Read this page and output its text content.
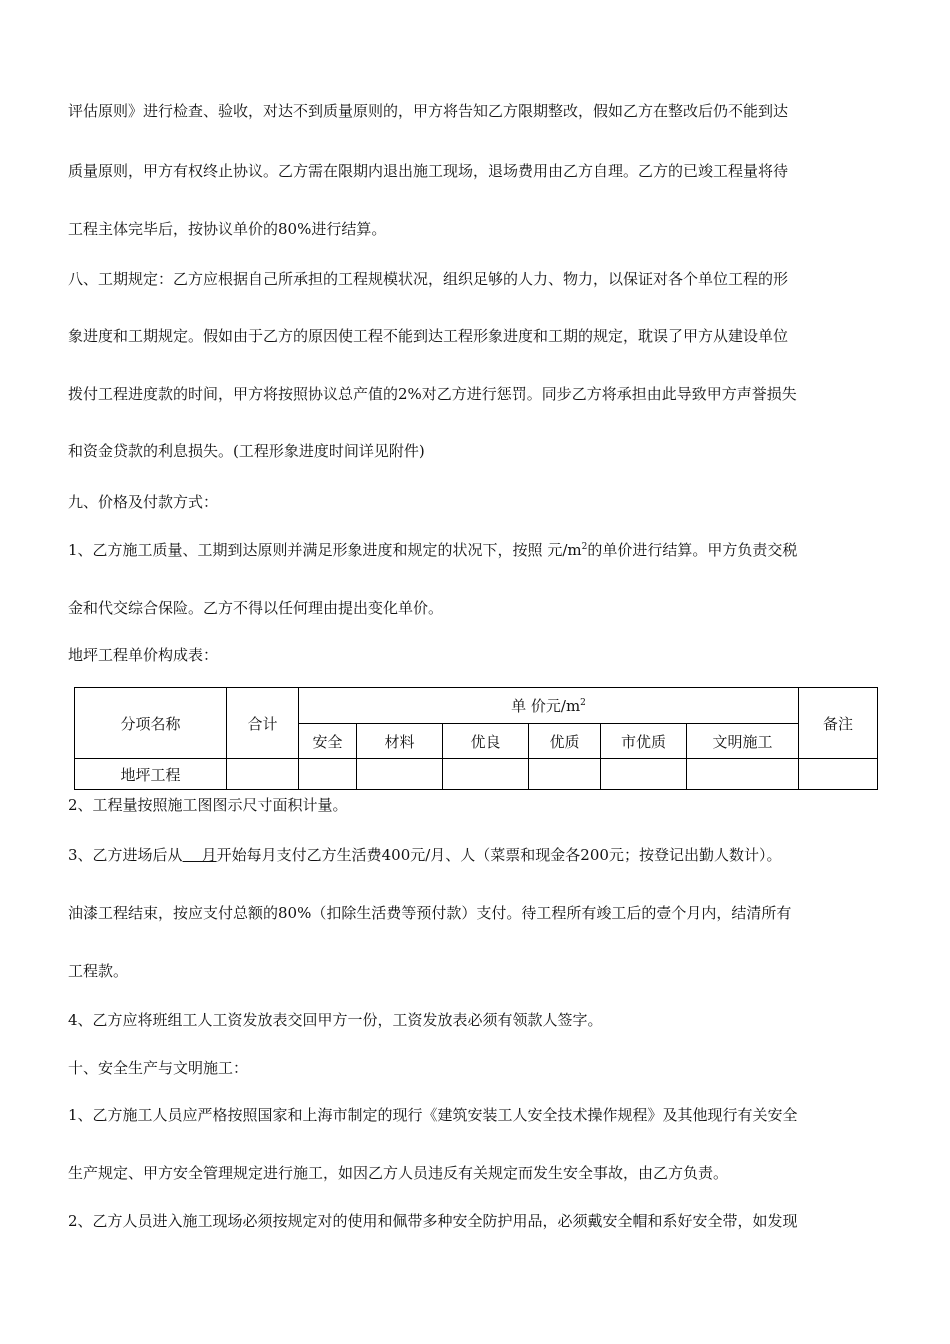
评估原则》进行检查、验收，对达不到质量原则的，甲方将告知乙方限期整改，假如乙方在整改后仍不能到达
质量原则，甲方有权终止协议。乙方需在限期内退出施工现场，退场费用由乙方自理。乙方的已竣工程量将待
工程主体完毕后，按协议单价的80%进行结算。
八、工期规定：乙方应根据自己所承担的工程规模状况，组织足够的人力、物力，以保证对各个单位工程的形
象进度和工期规定。假如由于乙方的原因使工程不能到达工程形象进度和工期的规定，耽误了甲方从建设单位
拨付工程进度款的时间，甲方将按照协议总产值的2%对乙方进行惩罚。同步乙方将承担由此导致甲方声誉损失
和资金贷款的利息损失。(工程形象进度时间详见附件)
九、价格及付款方式：
1、乙方施工质量、工期到达原则并满足形象进度和规定的状况下，按照 元$/m^2$的单价进行结算。甲方负责交税
金和代交综合保险。乙方不得以任何理由提出变化单价。
地坪工程单价构成表：
分项名称	合计	单 价元$/m^2$						备注
		安全	材料	优良	优质	市优质	文明施工	
地坪工程								
2、工程量按照施工图图示尺寸面积计量。
3、乙方进场后从    月开始每月支付乙方生活费400元/月、人（菜票和现金各200元；按登记出勤人数计）。
油漆工程结束，按应支付总额的80%（扣除生活费等预付款）支付。待工程所有竣工后的壹个月内，结清所有
工程款。
4、乙方应将班组工人工资发放表交回甲方一份，工资发放表必须有领款人签字。
十、安全生产与文明施工：
1、乙方施工人员应严格按照国家和上海市制定的现行《建筑安装工人安全技术操作规程》及其他现行有关安全
生产规定、甲方安全管理规定进行施工，如因乙方人员违反有关规定而发生安全事故，由乙方负责。
2、乙方人员进入施工现场必须按规定对的使用和佩带多种安全防护用品，必须戴安全帽和系好安全带，如发现
